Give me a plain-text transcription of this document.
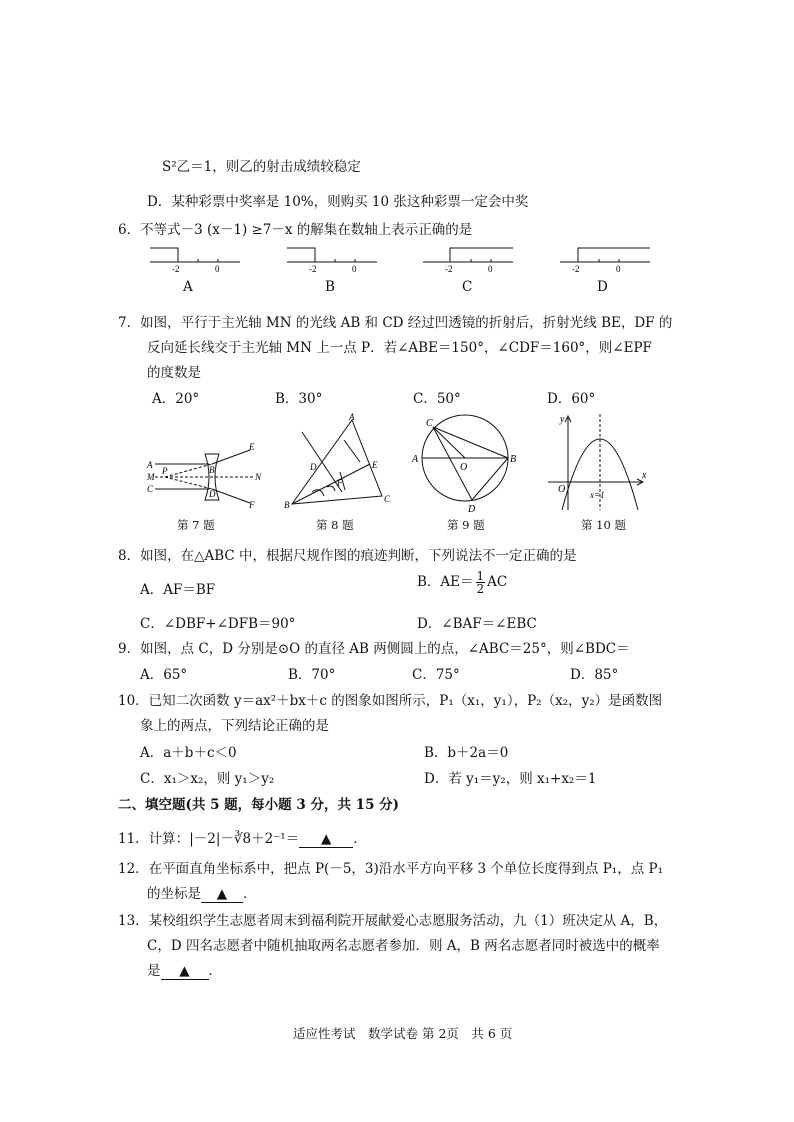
S²乙＝1，则乙的射击成绩较稳定
D．某种彩票中奖率是 10%，则购买 10 张这种彩票一定会中奖
6．不等式－3 (x－1) ≥7－x 的解集在数轴上表示正确的是
-2	0	-2	0	-2	0	-2	0
A	B	C	D
7．如图，平行于主光轴 MN 的光线 AB 和 CD 经过凹透镜的折射后，折射光线 BE，DF 的
反向延长线交于主光轴 MN 上一点 P．若∠ABE＝150°，∠CDF＝160°，则∠EPF
的度数是
A．20°	B．30°	C．50°	D．60°
A
M
C
P	B
D
E
N
F
A
B
C
D	E
F
C
A	B
O
D
y
x
O	x=1
第 7 题	第 8 题	第 9 题	第 10 题
8．如图，在△ABC 中，根据尺规作图的痕迹判断，下列说法不一定正确的是
A．AF＝BF	B．$AE= \frac{1}{2}$ AC
C．∠DBF+∠DFB＝90°	D．∠BAF＝∠EBC
9．如图，点 C，D 分别是⊙O 的直径 AB 两侧圆上的点，∠ABC＝25°，则∠BDC＝
A．65°	B．70°	C．75°	D．85°
10．已知二次函数 y＝ax²＋bx＋c 的图象如图所示，P₁（x₁，y₁），P₂（x₂，y₂）是函数图
象上的两点，下列结论正确的是
A．a＋b＋c＜0	B．b＋2a＝0
C．x₁＞x₂，则 y₁＞y₂	D．若 y₁＝y₂，则 x₁+x₂＝1
二、填空题(共 5 题，每小题 3 分，共 15 分)
11．计算：|－2|－∛8＋2⁻¹＝ ▲ ．
12．在平面直角坐标系中，把点 P(－5，3)沿水平方向平移 3 个单位长度得到点 P₁，点 P₁
的坐标是 ▲ ．
13．某校组织学生志愿者周末到福利院开展献爱心志愿服务活动，九（1）班决定从 A，B，
C，D 四名志愿者中随机抽取两名志愿者参加．则 A，B 两名志愿者同时被选中的概率
是 ▲ ．
适应性考试　数学试卷 第 2页　共 6 页
